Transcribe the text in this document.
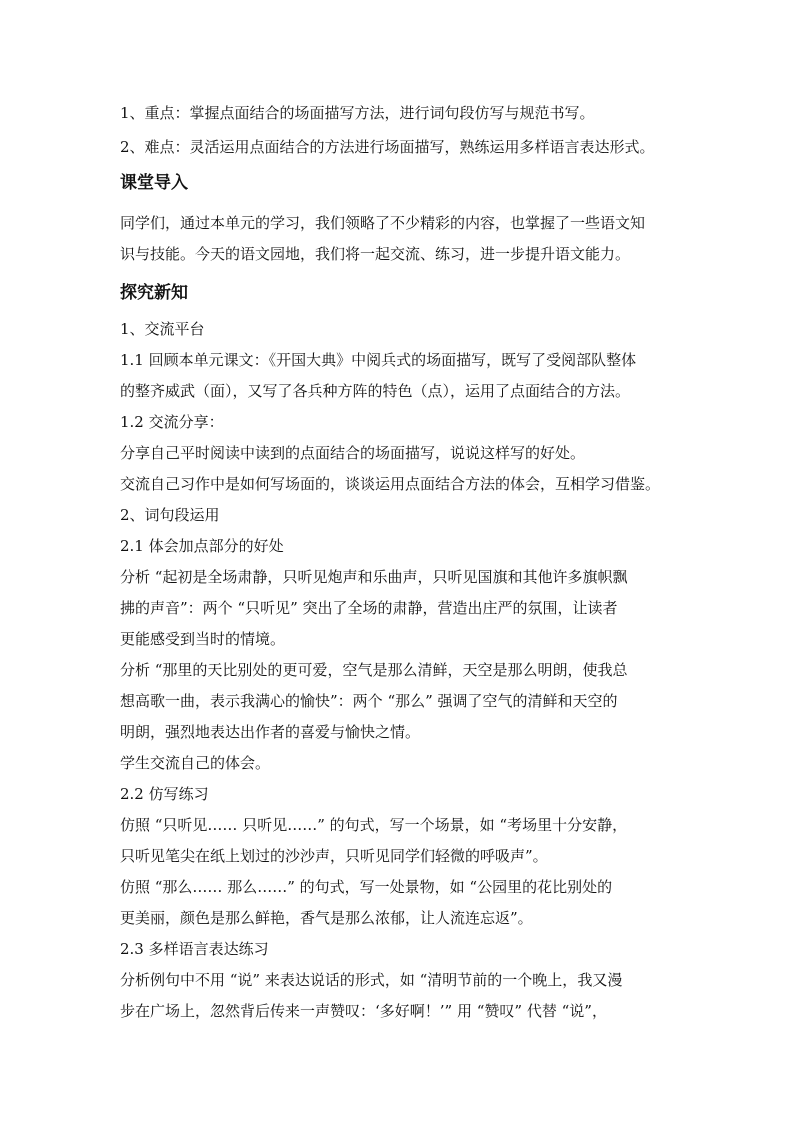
1、重点：掌握点面结合的场面描写方法，进行词句段仿写与规范书写。
2、难点：灵活运用点面结合的方法进行场面描写，熟练运用多样语言表达形式。
课堂导入
同学们，通过本单元的学习，我们领略了不少精彩的内容，也掌握了一些语文知
识与技能。今天的语文园地，我们将一起交流、练习，进一步提升语文能力。
探究新知
1、交流平台
1.1 回顾本单元课文：《开国大典》中阅兵式的场面描写，既写了受阅部队整体
的整齐威武（面），又写了各兵种方阵的特色（点），运用了点面结合的方法。
1.2 交流分享：
分享自己平时阅读中读到的点面结合的场面描写，说说这样写的好处。
交流自己习作中是如何写场面的，谈谈运用点面结合方法的体会，互相学习借鉴。
2、词句段运用
2.1 体会加点部分的好处
分析 “起初是全场肃静，只听见炮声和乐曲声，只听见国旗和其他许多旗帜飘
拂的声音”：两个 “只听见” 突出了全场的肃静，营造出庄严的氛围，让读者
更能感受到当时的情境。
分析 “那里的天比别处的更可爱，空气是那么清鲜，天空是那么明朗，使我总
想高歌一曲，表示我满心的愉快”：两个 “那么” 强调了空气的清鲜和天空的
明朗，强烈地表达出作者的喜爱与愉快之情。
学生交流自己的体会。
2.2 仿写练习
仿照 “只听见…… 只听见……” 的句式，写一个场景，如 “考场里十分安静，
只听见笔尖在纸上划过的沙沙声，只听见同学们轻微的呼吸声”。
仿照 “那么…… 那么……” 的句式，写一处景物，如 “公园里的花比别处的
更美丽，颜色是那么鲜艳，香气是那么浓郁，让人流连忘返”。
2.3 多样语言表达练习
分析例句中不用 “说” 来表达说话的形式，如 “清明节前的一个晚上，我又漫
步在广场上，忽然背后传来一声赞叹：‘多好啊！’” 用 “赞叹” 代替 “说”，
